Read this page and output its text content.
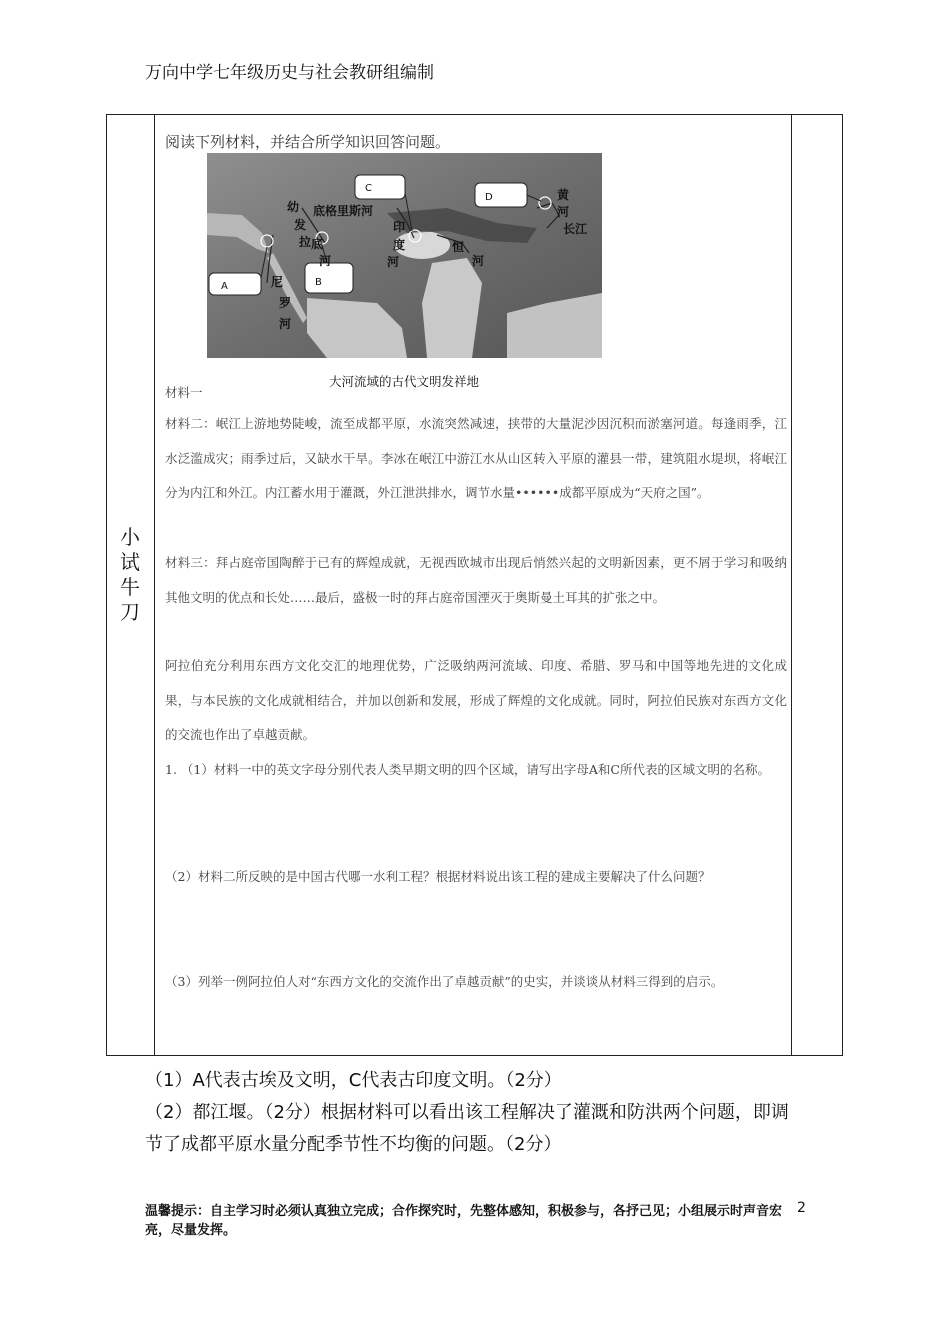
万向中学七年级历史与社会教研组编制
小
试
牛
刀
阅读下列材料，并结合所学知识回答问题。
A	B
C
D
幼
发
拉 底
河
底格里斯河
尼
罗
河
印
度
河
恒
河
黄
河
长江
大河流域的古代文明发祥地
材料一
材料二：岷江上游地势陡峻，流至成都平原，水流突然减速，挟带的大量泥沙因沉积而淤塞河道。每逢雨季，江水泛滥成灾；雨季过后，又缺水干旱。李冰在岷江中游江水从山区转入平原的灌县一带，建筑阻水堤坝，将岷江分为内江和外江。内江蓄水用于灌溉，外江泄洪排水，调节水量••••••成都平原成为“天府之国”。
材料三：拜占庭帝国陶醉于已有的辉煌成就，无视西欧城市出现后悄然兴起的文明新因素，更不屑于学习和吸纳其他文明的优点和长处……最后，盛极一时的拜占庭帝国湮灭于奥斯曼土耳其的扩张之中。
阿拉伯充分利用东西方文化交汇的地理优势，广泛吸纳两河流域、印度、希腊、罗马和中国等地先进的文化成果，与本民族的文化成就相结合，并加以创新和发展，形成了辉煌的文化成就。同时，阿拉伯民族对东西方文化的交流也作出了卓越贡献。
1. （1）材料一中的英文字母分别代表人类早期文明的四个区域，请写出字母A和C所代表的区域文明的名称。
（2）材料二所反映的是中国古代哪一水利工程？根据材料说出该工程的建成主要解决了什么问题？
（3）列举一例阿拉伯人对“东西方文化的交流作出了卓越贡献”的史实，并谈谈从材料三得到的启示。
（1）A代表古埃及文明，C代表古印度文明。（2分）
（2）都江堰。（2分）根据材料可以看出该工程解决了灌溉和防洪两个问题，即调节了成都平原水量分配季节性不均衡的问题。（2分）
温馨提示：自主学习时必须认真独立完成；合作探究时，先整体感知，积极参与，各抒己见；小组展示时声音宏亮，尽量发挥。
2
